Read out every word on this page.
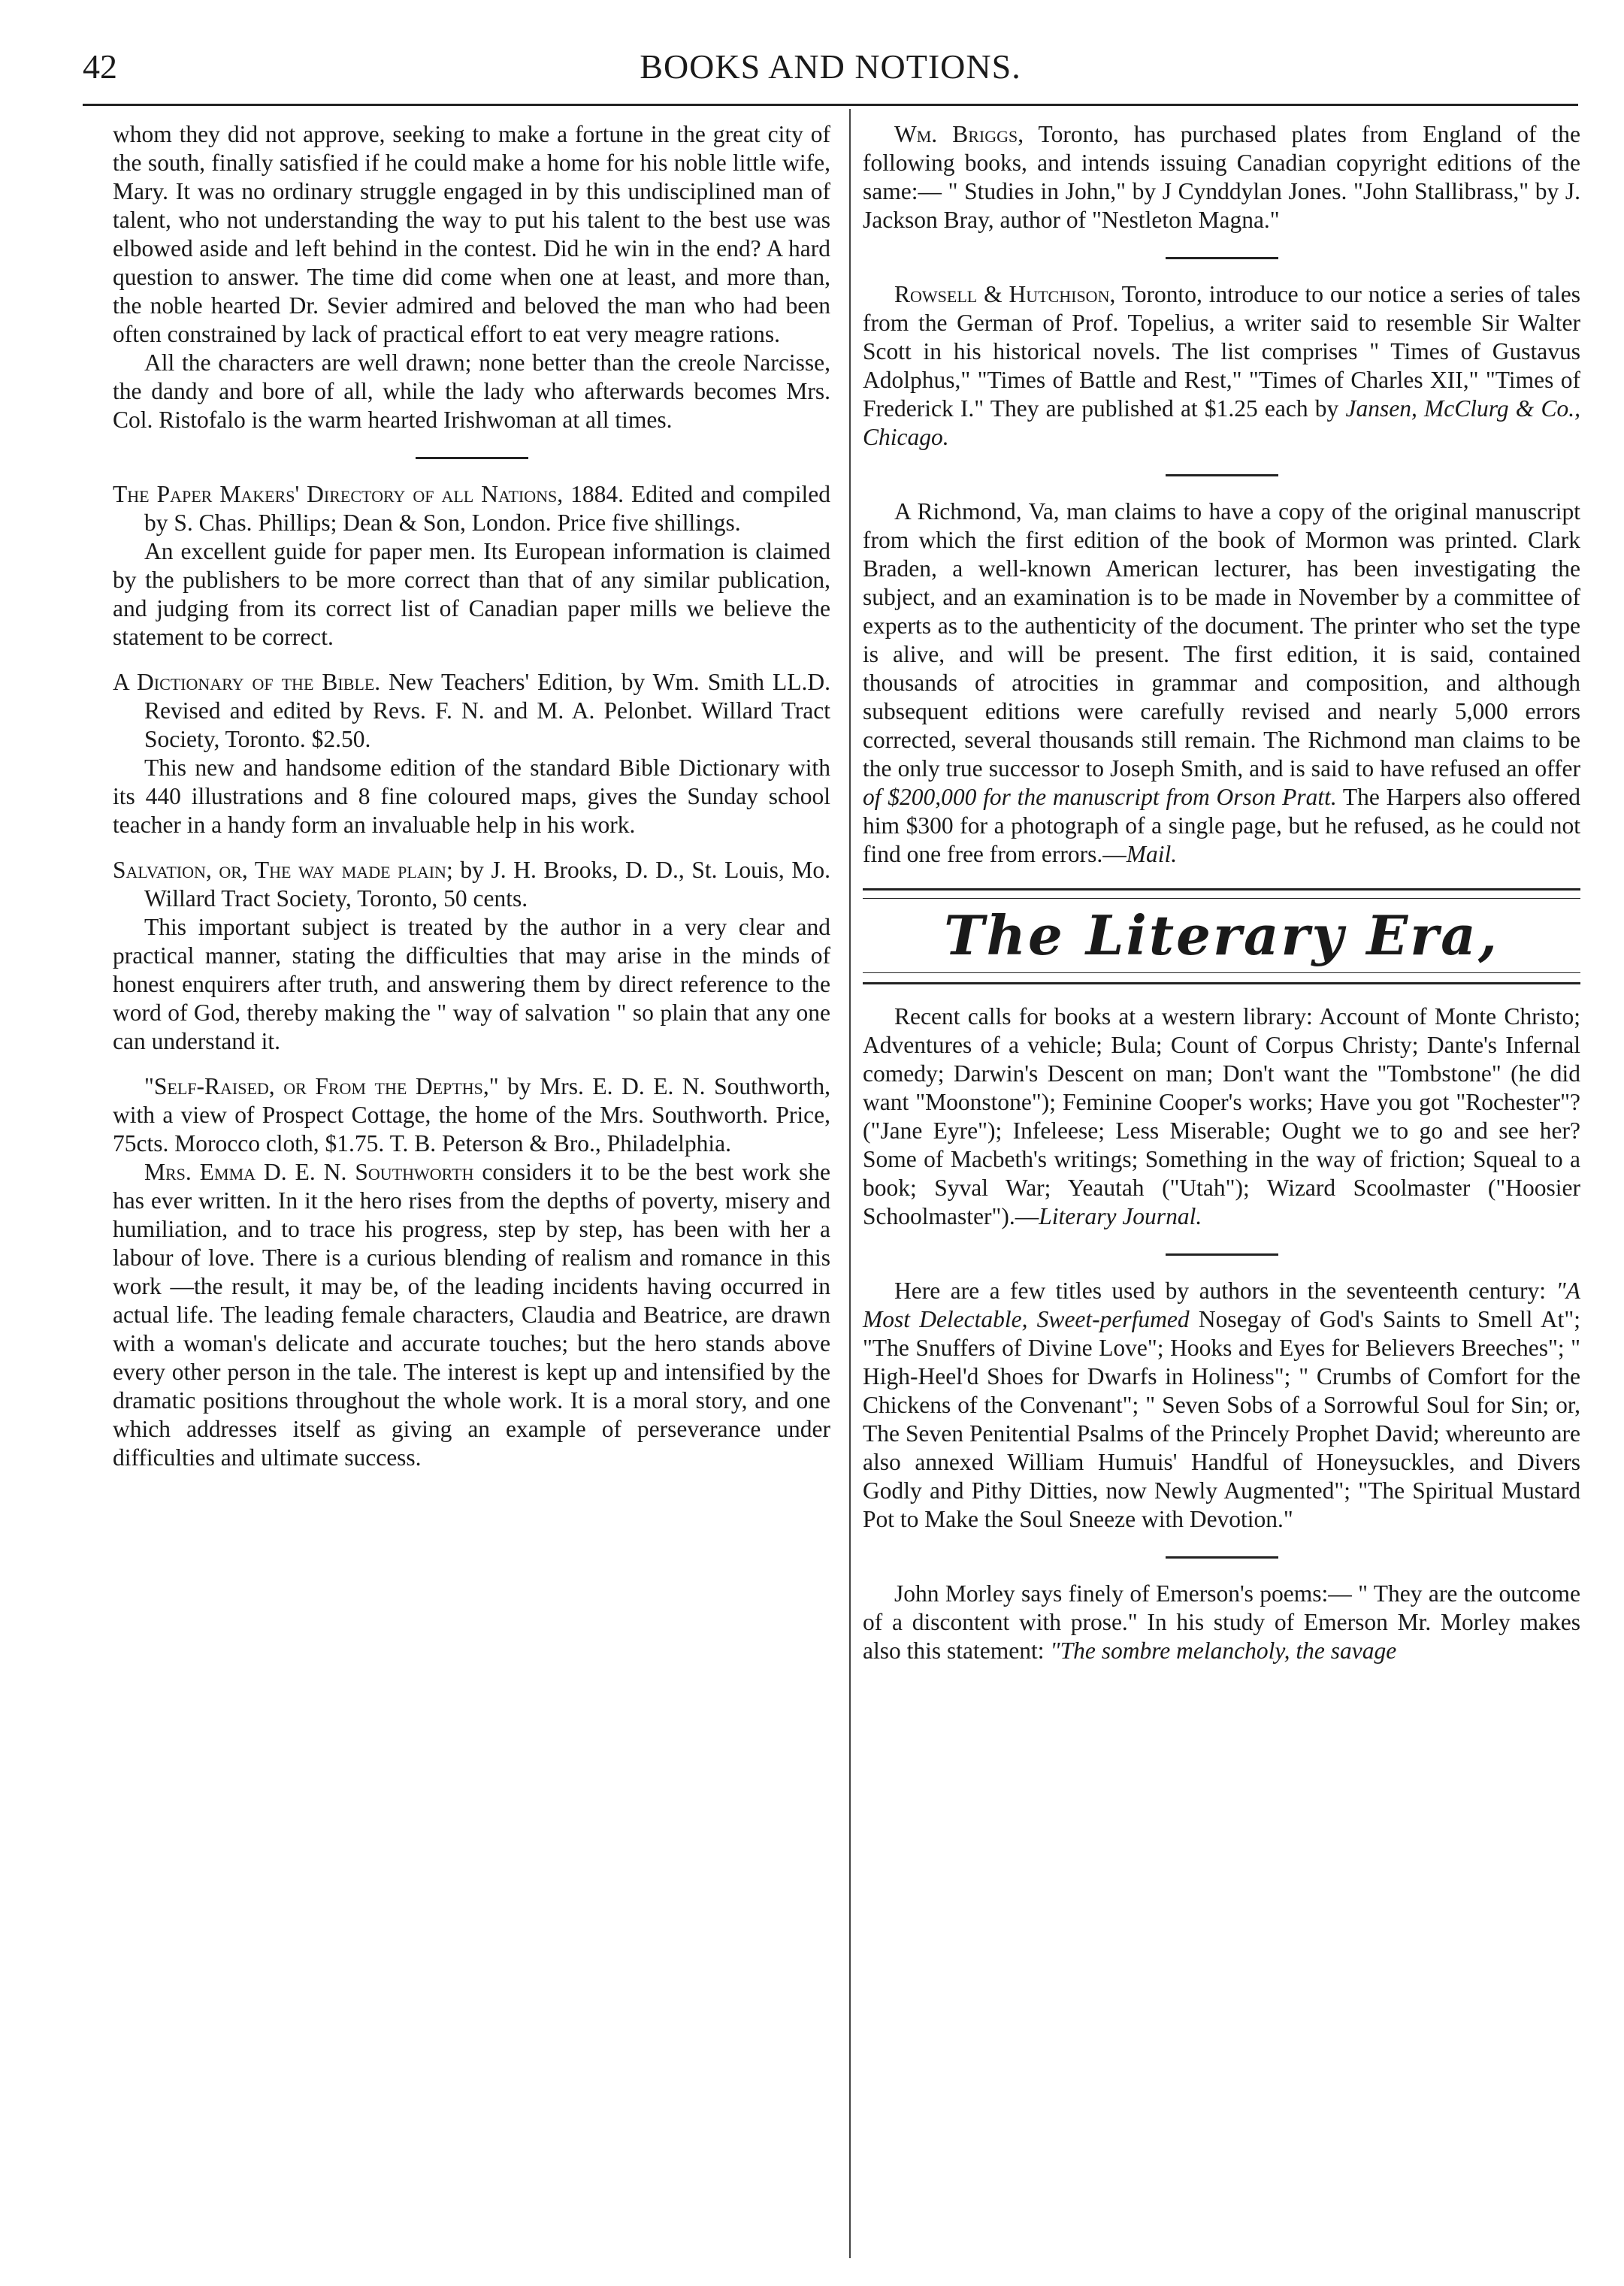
42	BOOKS AND NOTIONS.

whom they did not approve, seeking to make a fortune in the great city of the south, finally satisfied if he could make a home for his noble little wife, Mary. It was no ordinary struggle engaged in by this undisciplined man of talent, who not understanding the way to put his talent to the best use was elbowed aside and left behind in the contest. Did he win in the end? A hard question to answer. The time did come when one at least, and more than, the noble hearted Dr. Sevier admired and beloved the man who had been often constrained by lack of practical effort to eat very meagre rations.

All the characters are well drawn; none better than the creole Narcisse, the dandy and bore of all, while the lady who afterwards becomes Mrs. Col. Ristofalo is the warm hearted Irishwoman at all times.

The Paper Makers' Directory of all Nations, 1884. Edited and compiled by S. Chas. Phillips; Dean & Son, London. Price five shillings.

An excellent guide for paper men. Its European information is claimed by the publishers to be more correct than that of any similar publication, and judging from its correct list of Canadian paper mills we believe the statement to be correct.

A Dictionary of the Bible. New Teachers' Edition, by Wm. Smith LL.D. Revised and edited by Revs. F. N. and M. A. Pelonbet. Willard Tract Society, Toronto. $2.50.

This new and handsome edition of the standard Bible Dictionary with its 440 illustrations and 8 fine coloured maps, gives the Sunday school teacher in a handy form an invaluable help in his work.

Salvation, or, The way made plain; by J. H. Brooks, D. D., St. Louis, Mo. Willard Tract Society, Toronto, 50 cents.

This important subject is treated by the author in a very clear and practical manner, stating the difficulties that may arise in the minds of honest enquirers after truth, and answering them by direct reference to the word of God, thereby making the " way of salvation " so plain that any one can understand it.

"Self-Raised, or From the Depths," by Mrs. E. D. E. N. Southworth, with a view of Prospect Cottage, the home of the Mrs. Southworth. Price, 75cts. Morocco cloth, $1.75. T. B. Peterson & Bro., Philadelphia.

Mrs. Emma D. E. N. Southworth considers it to be the best work she has ever written. In it the hero rises from the depths of poverty, misery and humiliation, and to trace his progress, step by step, has been with her a labour of love. There is a curious blending of realism and romance in this work —the result, it may be, of the leading incidents having occurred in actual life. The leading female characters, Claudia and Beatrice, are drawn with a woman's delicate and accurate touches; but the hero stands above every other person in the tale. The interest is kept up and intensified by the dramatic positions throughout the whole work. It is a moral story, and one which addresses itself as giving an example of perseverance under difficulties and ultimate success.

Wm. Briggs, Toronto, has purchased plates from England of the following books, and intends issuing Canadian copyright editions of the same:— " Studies in John," by J Cynddylan Jones. "John Stallibrass," by J. Jackson Bray, author of "Nestleton Magna."

Rowsell & Hutchison, Toronto, introduce to our notice a series of tales from the German of Prof. Topelius, a writer said to resemble Sir Walter Scott in his historical novels. The list comprises " Times of Gustavus Adolphus," "Times of Battle and Rest," "Times of Charles XII," "Times of Frederick I." They are published at $1.25 each by Jansen, McClurg & Co., Chicago.

A Richmond, Va, man claims to have a copy of the original manuscript from which the first edition of the book of Mormon was printed. Clark Braden, a well-known American lecturer, has been investigating the subject, and an examination is to be made in November by a committee of experts as to the authenticity of the document. The printer who set the type is alive, and will be present. The first edition, it is said, contained thousands of atrocities in grammar and composition, and although subsequent editions were carefully revised and nearly 5,000 errors corrected, several thousands still remain. The Richmond man claims to be the only true successor to Joseph Smith, and is said to have refused an offer of $200,000 for the manuscript from Orson Pratt. The Harpers also offered him $300 for a photograph of a single page, but he refused, as he could not find one free from errors.—Mail.

The Literary Era,

Recent calls for books at a western library: Account of Monte Christo; Adventures of a vehicle; Bula; Count of Corpus Christy; Dante's Infernal comedy; Darwin's Descent on man; Don't want the "Tombstone" (he did want "Moonstone"); Feminine Cooper's works; Have you got "Rochester"? ("Jane Eyre"); Infeleese; Less Miserable; Ought we to go and see her? Some of Macbeth's writings; Something in the way of friction; Squeal to a book; Syval War; Yeautah ("Utah"); Wizard Scoolmaster ("Hoosier Schoolmaster").—Literary Journal.

Here are a few titles used by authors in the seventeenth century: "A Most Delectable, Sweet-perfumed Nosegay of God's Saints to Smell At"; "The Snuffers of Divine Love"; Hooks and Eyes for Believers Breeches"; " High-Heel'd Shoes for Dwarfs in Holiness"; " Crumbs of Comfort for the Chickens of the Convenant"; " Seven Sobs of a Sorrowful Soul for Sin; or, The Seven Penitential Psalms of the Princely Prophet David; whereunto are also annexed William Humuis' Handful of Honeysuckles, and Divers Godly and Pithy Ditties, now Newly Augmented"; "The Spiritual Mustard Pot to Make the Soul Sneeze with Devotion."

John Morley says finely of Emerson's poems:— " They are the outcome of a discontent with prose." In his study of Emerson Mr. Morley makes also this statement: "The sombre melancholy, the savage
